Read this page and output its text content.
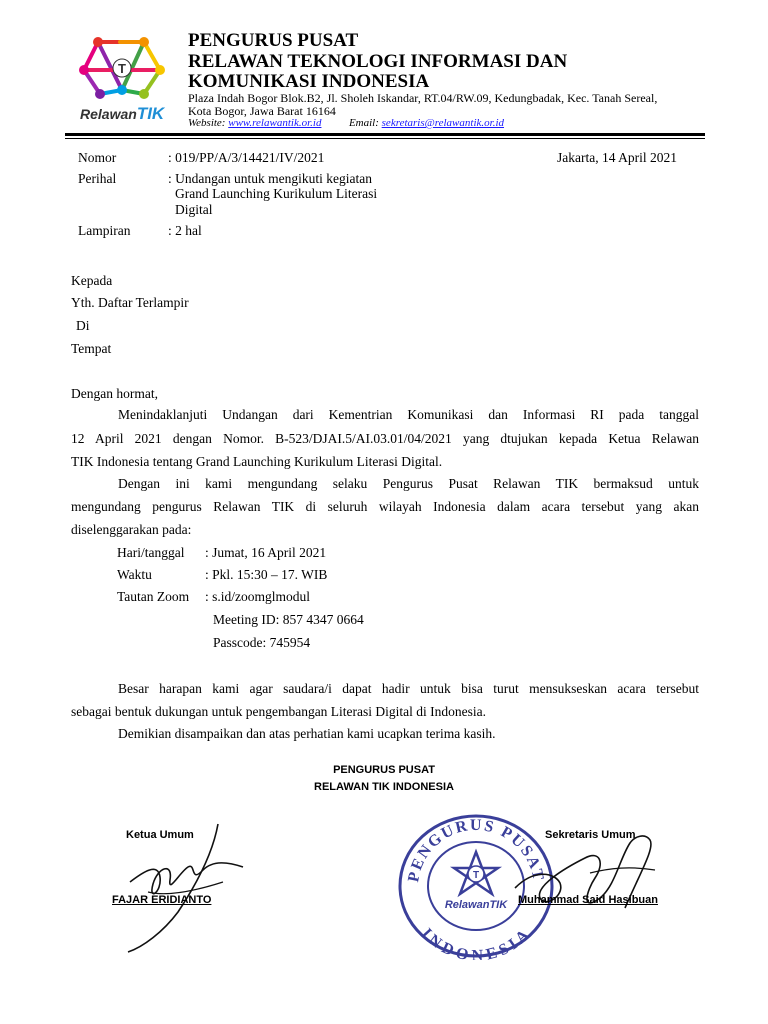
T
RelawanTIK
PENGURUS PUSAT
RELAWAN TEKNOLOGI INFORMASI DAN
KOMUNIKASI INDONESIA
Plaza Indah Bogor Blok.B2, Jl. Sholeh Iskandar, RT.04/RW.09, Kedungbadak, Kec. Tanah Sereal,
Kota Bogor, Jawa Barat 16164
Website: www.relawantik.or.id	Email: sekretaris@relawantik.or.id
Nomor	: 019/PP/A/3/14421/IV/2021	Jakarta, 14 April 2021
Perihal	: Undangan untuk mengikuti kegiatan
Grand Launching Kurikulum Literasi
Digital
Lampiran	: 2 hal
Kepada
Yth. Daftar Terlampir
Di
Tempat
Dengan hormat,
Menindaklanjuti Undangan dari Kementrian Komunikasi dan Informasi RI pada tanggal
12 April 2021 dengan Nomor. B-523/DJAI.5/AI.03.01/04/2021 yang dtujukan kepada Ketua Relawan
TIK Indonesia tentang Grand Launching Kurikulum Literasi Digital.
Dengan ini kami mengundang selaku Pengurus Pusat Relawan TIK bermaksud untuk
mengundang pengurus Relawan TIK di seluruh wilayah Indonesia dalam acara tersebut yang akan
diselenggarakan pada:
Hari/tanggal : Jumat, 16 April 2021
Waktu	: Pkl. 15:30 – 17. WIB
Tautan Zoom : s.id/zoomglmodul
Meeting ID: 857 4347 0664
Passcode: 745954
Besar harapan kami agar saudara/i dapat hadir untuk bisa turut mensukseskan acara tersebut
sebagai bentuk dukungan untuk pengembangan Literasi Digital di Indonesia.
Demikian disampaikan dan atas perhatian kami ucapkan terima kasih.
PENGURUS PUSAT
RELAWAN TIK INDONESIA
PENGURUS PUSAT
INDONESIA
T
RelawanTIK
Ketua Umum
FAJAR ERIDIANTO
Sekretaris Umum
Muhammad Said Hasibuan
